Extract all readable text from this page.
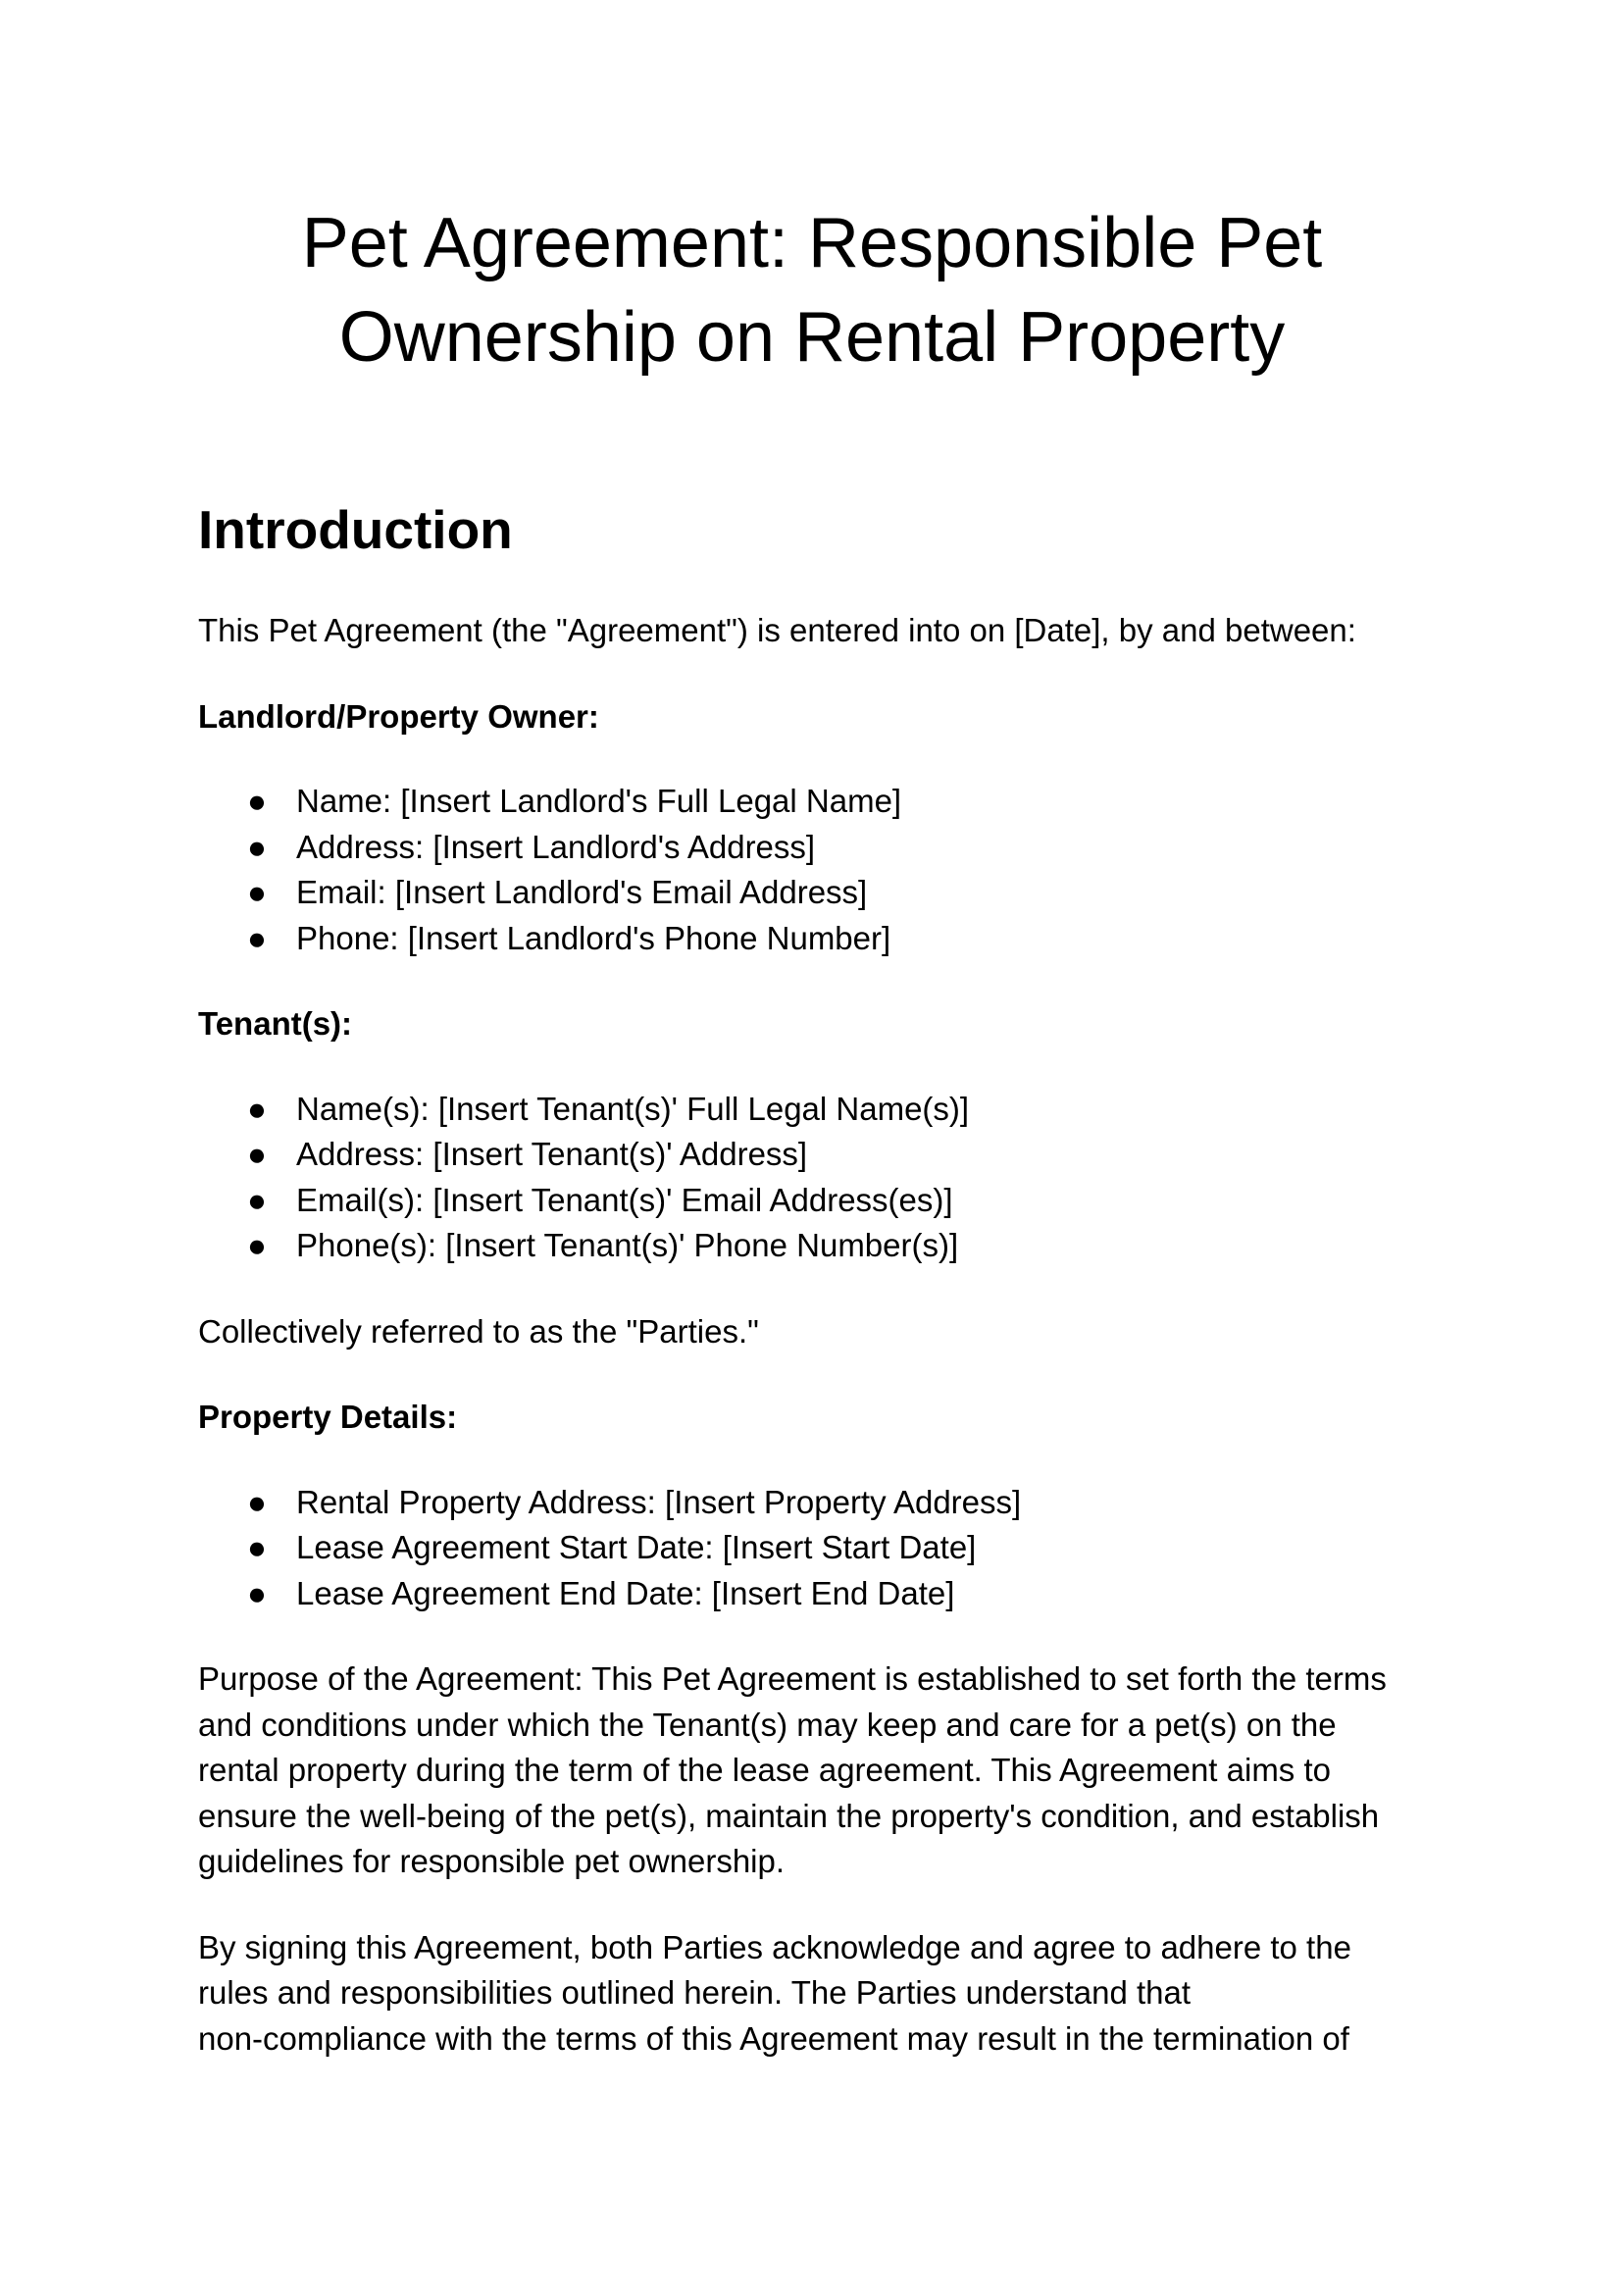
Pet Agreement: Responsible Pet
Ownership on Rental Property
Introduction

This Pet Agreement (the "Agreement") is entered into on [Date], by and between:

Landlord/Property Owner:

● Name: [Insert Landlord's Full Legal Name]
● Address: [Insert Landlord's Address]
● Email: [Insert Landlord's Email Address]
● Phone: [Insert Landlord's Phone Number]

Tenant(s):

● Name(s): [Insert Tenant(s)' Full Legal Name(s)]
● Address: [Insert Tenant(s)' Address]
● Email(s): [Insert Tenant(s)' Email Address(es)]
● Phone(s): [Insert Tenant(s)' Phone Number(s)]

Collectively referred to as the "Parties."

Property Details:

● Rental Property Address: [Insert Property Address]
● Lease Agreement Start Date: [Insert Start Date]
● Lease Agreement End Date: [Insert End Date]

Purpose of the Agreement: This Pet Agreement is established to set forth the terms
and conditions under which the Tenant(s) may keep and care for a pet(s) on the
rental property during the term of the lease agreement. This Agreement aims to
ensure the well-being of the pet(s), maintain the property's condition, and establish
guidelines for responsible pet ownership.

By signing this Agreement, both Parties acknowledge and agree to adhere to the
rules and responsibilities outlined herein. The Parties understand that
non-compliance with the terms of this Agreement may result in the termination of
